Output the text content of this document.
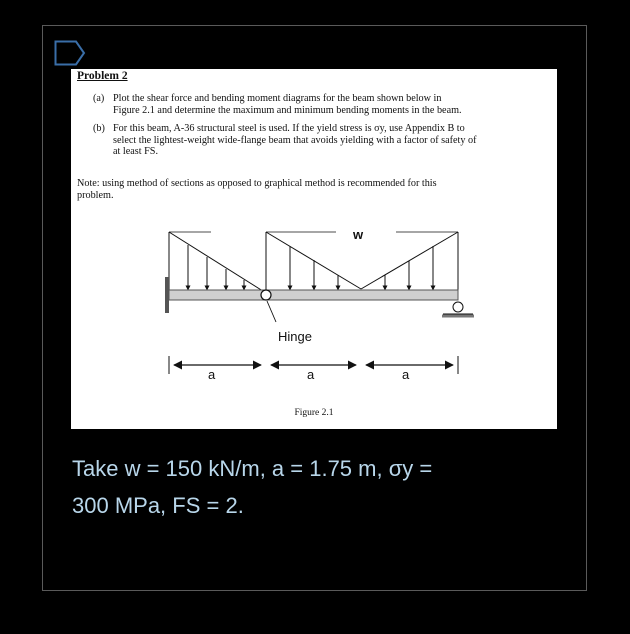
Problem 2
(a) Plot the shear force and bending moment diagrams for the beam shown below in
Figure 2.1 and determine the maximum and minimum bending moments in the beam.
(b) For this beam, A-36 structural steel is used. If the yield stress is σy, use Appendix B to
select the lightest-weight wide-flange beam that avoids yielding with a factor of safety of
at least FS.
Note: using method of sections as opposed to graphical method is recommended for this
problem.
Hinge
w
a	a	a
Figure 2.1
Take w = 150 kN/m, a = 1.75 m, σy =
300 MPa, FS = 2.
